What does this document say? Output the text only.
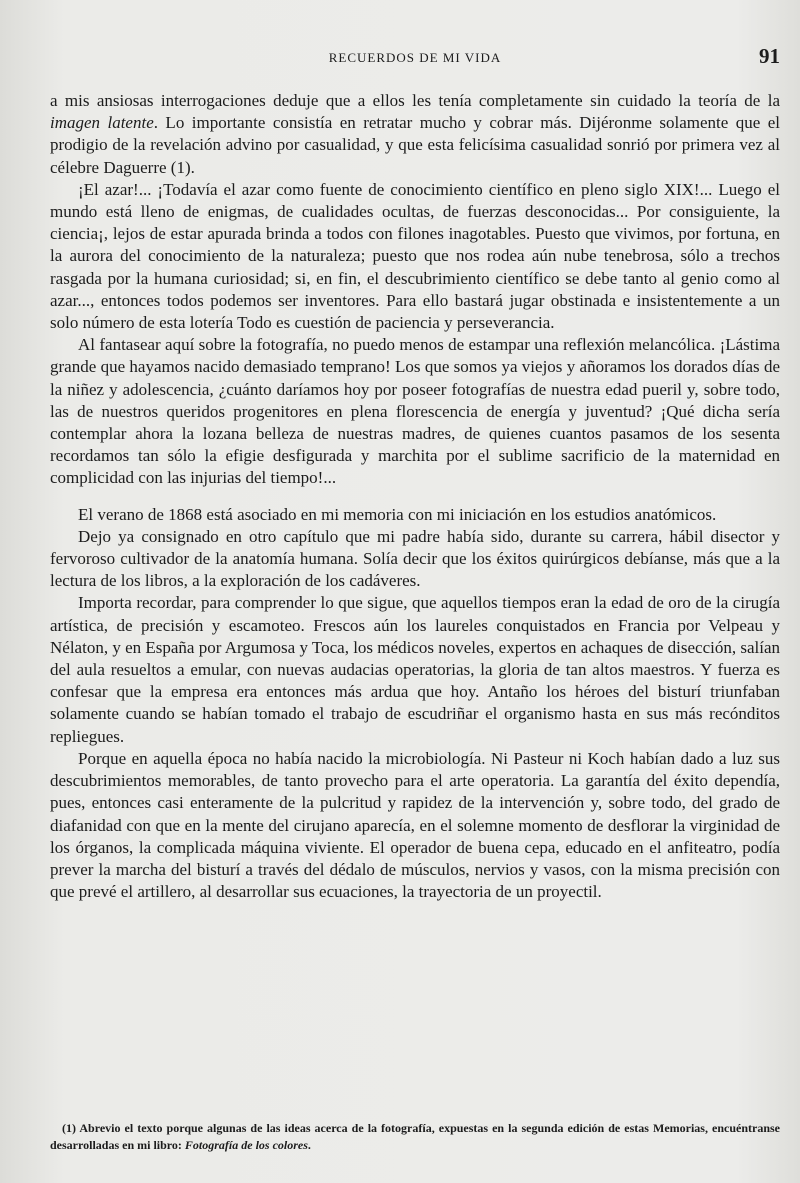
RECUERDOS DE MI VIDA	91

a mis ansiosas interrogaciones deduje que a ellos les tenía completamente sin cuidado la teoría de la imagen latente. Lo importante consistía en retratar mucho y cobrar más. Dijéronme solamente que el prodigio de la revelación advino por casualidad, y que esta felicísima casualidad sonrió por primera vez al célebre Daguerre (1).

¡El azar!... ¡Todavía el azar como fuente de conocimiento científico en pleno siglo XIX!... Luego el mundo está lleno de enigmas, de cualidades ocultas, de fuerzas desconocidas... Por consiguiente, la ciencia¡, lejos de estar apurada brinda a todos con filones inagotables. Puesto que vivimos, por fortuna, en la aurora del conocimiento de la naturaleza; puesto que nos rodea aún nube tenebrosa, sólo a trechos rasgada por la humana curiosidad; si, en fin, el descubrimiento científico se debe tanto al genio como al azar..., entonces todos podemos ser inventores. Para ello bastará jugar obstinada e insistentemente a un solo número de esta lotería Todo es cuestión de paciencia y perseverancia.

Al fantasear aquí sobre la fotografía, no puedo menos de estampar una reflexión melancólica. ¡Lástima grande que hayamos nacido demasiado temprano! Los que somos ya viejos y añoramos los dorados días de la niñez y adolescencia, ¿cuánto daríamos hoy por poseer fotografías de nuestra edad pueril y, sobre todo, las de nuestros queridos progenitores en plena florescencia de energía y juventud? ¡Qué dicha sería contemplar ahora la lozana belleza de nuestras madres, de quienes cuantos pasamos de los sesenta recordamos tan sólo la efigie desfigurada y marchita por el sublime sacrificio de la maternidad en complicidad con las injurias del tiempo!...

El verano de 1868 está asociado en mi memoria con mi iniciación en los estudios anatómicos.

Dejo ya consignado en otro capítulo que mi padre había sido, durante su carrera, hábil disector y fervoroso cultivador de la anatomía humana. Solía decir que los éxitos quirúrgicos debíanse, más que a la lectura de los libros, a la exploración de los cadáveres.

Importa recordar, para comprender lo que sigue, que aquellos tiempos eran la edad de oro de la cirugía artística, de precisión y escamoteo. Frescos aún los laureles conquistados en Francia por Velpeau y Nélaton, y en España por Argumosa y Toca, los médicos noveles, expertos en achaques de disección, salían del aula resueltos a emular, con nuevas audacias operatorias, la gloria de tan altos maestros. Y fuerza es confesar que la empresa era entonces más ardua que hoy. Antaño los héroes del bisturí triunfaban solamente cuando se habían tomado el trabajo de escudriñar el organismo hasta en sus más recónditos repliegues.

Porque en aquella época no había nacido la microbiología. Ni Pasteur ni Koch habían dado a luz sus descubrimientos memorables, de tanto provecho para el arte operatoria. La garantía del éxito dependía, pues, entonces casi enteramente de la pulcritud y rapidez de la intervención y, sobre todo, del grado de diafanidad con que en la mente del cirujano aparecía, en el solemne momento de desflorar la virginidad de los órganos, la complicada máquina viviente. El operador de buena cepa, educado en el anfiteatro, podía prever la marcha del bisturí a través del dédalo de músculos, nervios y vasos, con la misma precisión con que prevé el artillero, al desarrollar sus ecuaciones, la trayectoria de un proyectil.

(1) Abrevio el texto porque algunas de las ideas acerca de la fotografía, expuestas en la segunda edición de estas Memorias, encuéntranse desarrolladas en mi libro: Fotografía de los colores.
